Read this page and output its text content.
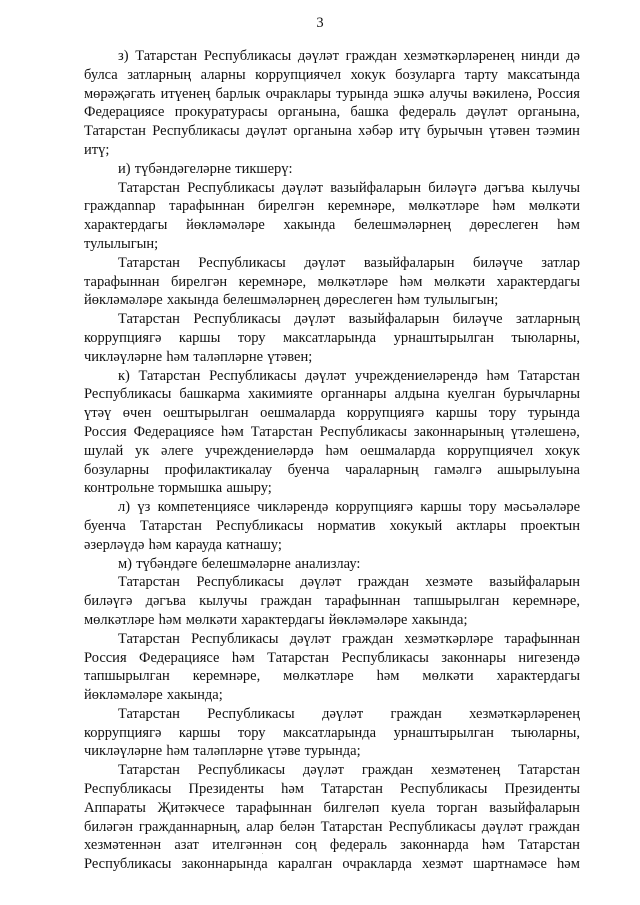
3
з) Татарстан Республикасы дәүләт граждан хезмәткәрләренең нинди дә
булса затларның аларны коррупциячел хокук бозуларга тарту максатында
мөрәҗәгать итүенең барлык очраклары турында эшкә алучы вәкиленә, Россия
Федерациясе прокуратурасы органына, башка федераль дәүләт органына,
Татарстан Республикасы дәүләт органына хәбәр итү бурычын үтәвен тәэмин
итү;
и) түбәндәгеләрне тикшерү:
Татарстан Республикасы дәүләт вазыйфаларын биләүгә дәгъва кылучы
граждannар тарафыннан бирелгән керемнәре, мөлкәтләре һәм мөлкәти
характердагы йөкләмәләре хакында белешмәләрнең дөреслеген һәм
тулылыгын;
Татарстан Республикасы дәүләт вазыйфаларын биләүче затлар
тарафыннан бирелгән керемнәре, мөлкәтләре һәм мөлкәти характердагы
йөкләмәләре хакында белешмәләрнең дөреслеген һәм тулылыгын;
Татарстан Республикасы дәүләт вазыйфаларын биләүче затларның
коррупциягә каршы тору максатларында урнаштырылган тыюларны,
чикләүләрне һәм таләпләрне үтәвен;
к) Татарстан Республикасы дәүләт учреждениеләрендә һәм Татарстан
Республикасы башкарма хакимияте органнары алдына куелган бурычларны
үтәү өчен оештырылган оешмаларда коррупциягә каршы тору турында
Россия Федерациясе һәм Татарстан Республикасы законнарының үтәлешенә,
шулай ук әлеге учреждениеләрдә һәм оешмаларда коррупциячел хокук
бозуларны профилактикалау буенча чараларның гамәлгә ашырылуына
контрольне тормышка ашыру;
л) үз компетенциясе чикләрендә коррупциягә каршы тору мәсьәләләре
буенча Татарстан Республикасы норматив хокукый актлары проектын
әзерләүдә һәм карауда катнашу;
м) түбәндәге белешмәләрне анализлау:
Татарстан Республикасы дәүләт граждан хезмәте вазыйфаларын
биләүгә дәгъва кылучы граждан тарафыннан тапшырылган керемнәре,
мөлкәтләре һәм мөлкәти характердагы йөкләмәләре хакында;
Татарстан Республикасы дәүләт граждан хезмәткәрләре тарафыннан
Россия Федерациясе һәм Татарстан Республикасы законнары нигезендә
тапшырылган керемнәре, мөлкәтләре һәм мөлкәти характердагы
йөкләмәләре хакында;
Татарстан Республикасы дәүләт граждан хезмәткәрләренең
коррупциягә каршы тору максатларында урнаштырылган тыюларны,
чикләүләрне һәм таләпләрне үтәве турында;
Татарстан Республикасы дәүләт граждан хезмәтенең Татарстан
Республикасы Президенты һәм Татарстан Республикасы Президенты
Аппараты Җитәкчесе тарафыннан билгеләп куела торган вазыйфаларын
биләгән гражданнарның, алар белән Татарстан Республикасы дәүләт граждан
хезмәтеннән азат ителгәннән соң федераль законнарда һәм Татарстан
Республикасы законнарында каралган очракларда хезмәт шартнамәсе һәм
